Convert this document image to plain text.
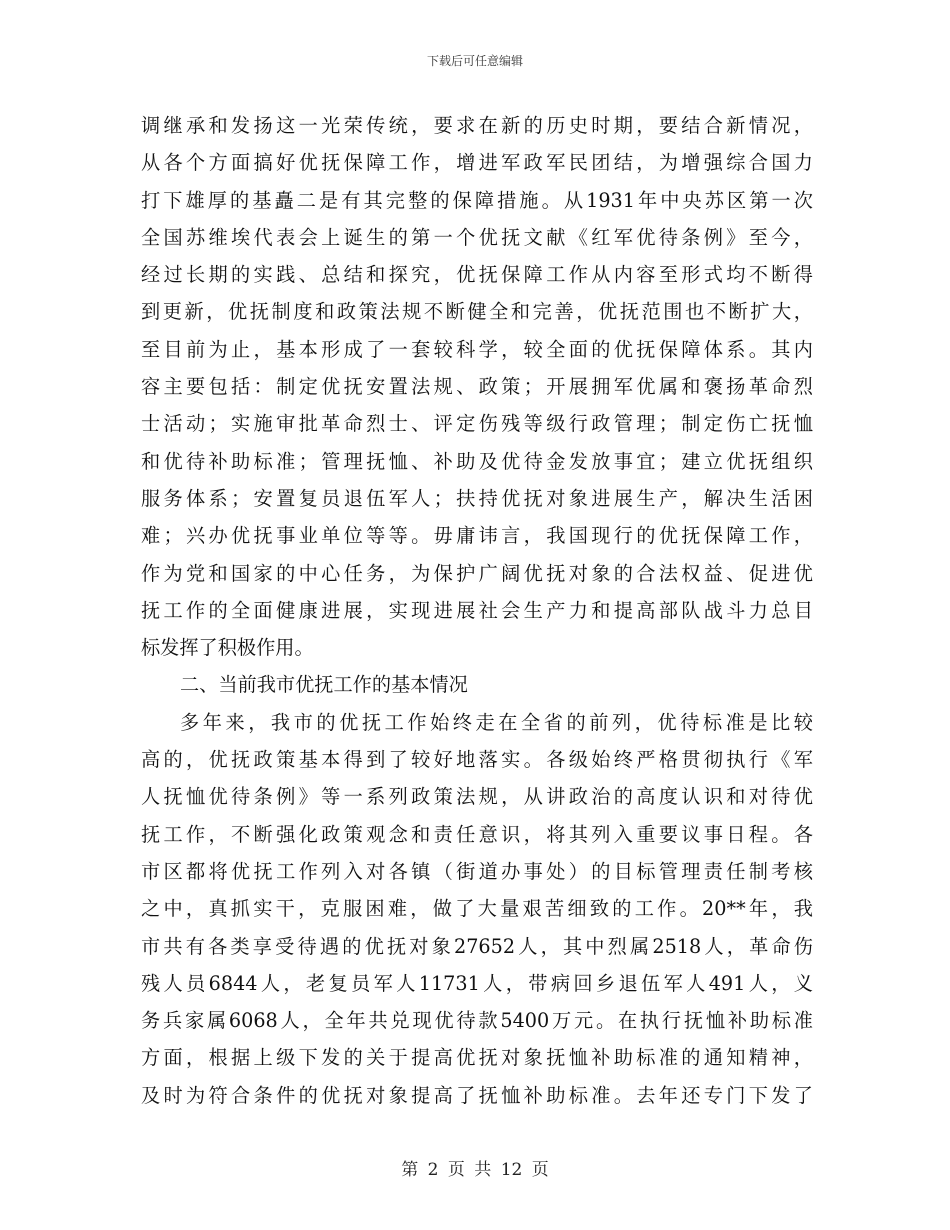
下载后可任意编辑
调继承和发扬这一光荣传统，要求在新的历史时期，要结合新情况，
从各个方面搞好优抚保障工作，增进军政军民团结，为增强综合国力
打下雄厚的基矗二是有其完整的保障措施。从1931年中央苏区第一次
全国苏维埃代表会上诞生的第一个优抚文献《红军优待条例》至今，
经过长期的实践、总结和探究，优抚保障工作从内容至形式均不断得
到更新，优抚制度和政策法规不断健全和完善，优抚范围也不断扩大，
至目前为止，基本形成了一套较科学，较全面的优抚保障体系。其内
容主要包括：制定优抚安置法规、政策；开展拥军优属和褒扬革命烈
士活动；实施审批革命烈士、评定伤残等级行政管理；制定伤亡抚恤
和优待补助标准；管理抚恤、补助及优待金发放事宜；建立优抚组织
服务体系；安置复员退伍军人；扶持优抚对象进展生产，解决生活困
难；兴办优抚事业单位等等。毋庸讳言，我国现行的优抚保障工作，
作为党和国家的中心任务，为保护广阔优抚对象的合法权益、促进优
抚工作的全面健康进展，实现进展社会生产力和提高部队战斗力总目
标发挥了积极作用。
二、当前我市优抚工作的基本情况
多年来，我市的优抚工作始终走在全省的前列，优待标准是比较
高的，优抚政策基本得到了较好地落实。各级始终严格贯彻执行《军
人抚恤优待条例》等一系列政策法规，从讲政治的高度认识和对待优
抚工作，不断强化政策观念和责任意识，将其列入重要议事日程。各
市区都将优抚工作列入对各镇（街道办事处）的目标管理责任制考核
之中，真抓实干，克服困难，做了大量艰苦细致的工作。20**年，我
市共有各类享受待遇的优抚对象27652人，其中烈属2518人，革命伤
残人员6844人，老复员军人11731人，带病回乡退伍军人491人，义
务兵家属6068人，全年共兑现优待款5400万元。在执行抚恤补助标准
方面，根据上级下发的关于提高优抚对象抚恤补助标准的通知精神，
及时为符合条件的优抚对象提高了抚恤补助标准。去年还专门下发了
第 2 页 共 12 页
